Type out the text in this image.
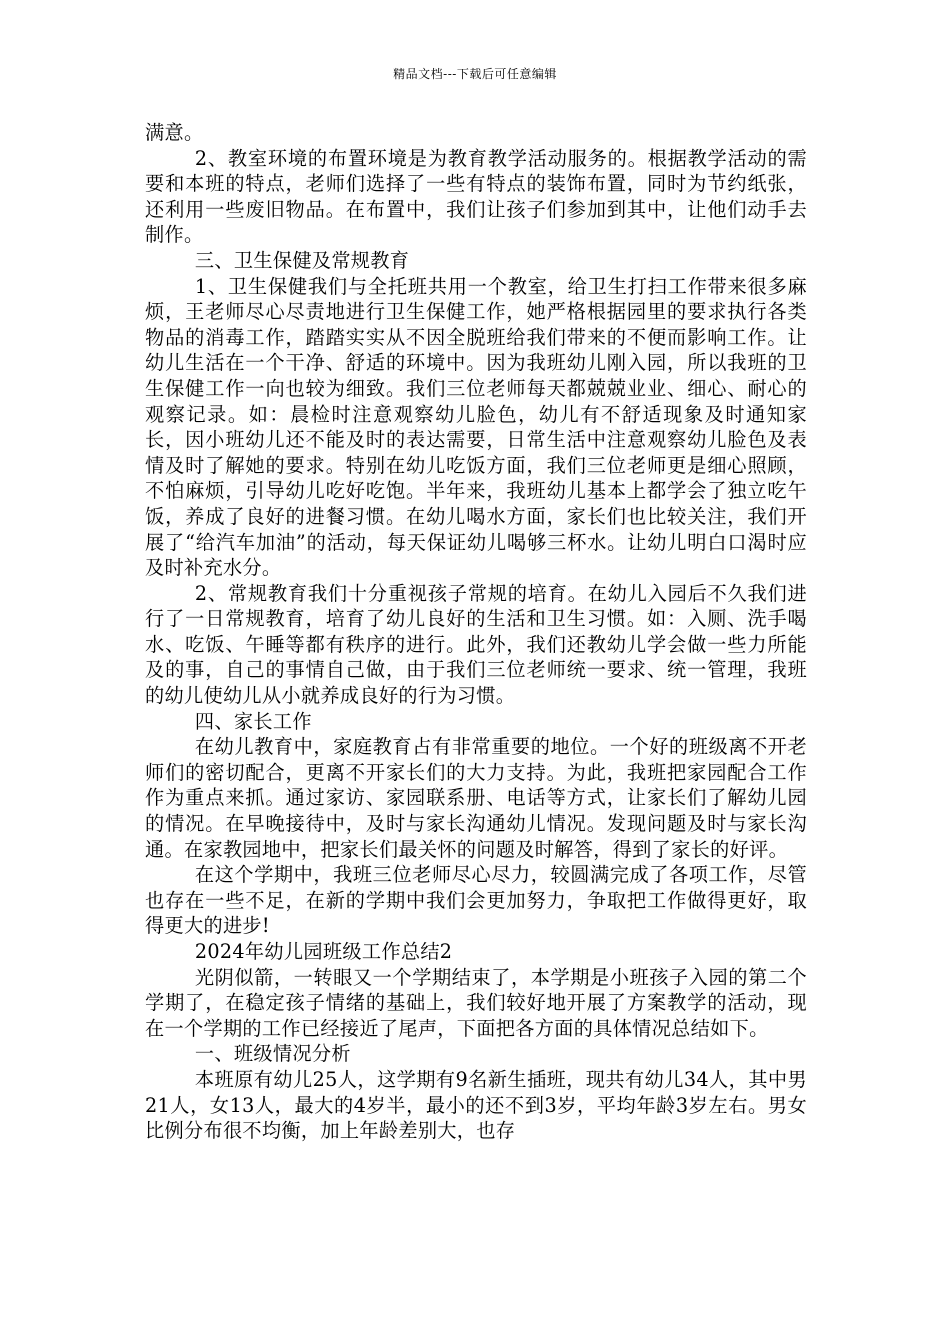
精品文档---下载后可任意编辑

满意。

2、教室环境的布置环境是为教育教学活动服务的。根据教学活动的需要和本班的特点，老师们选择了一些有特点的装饰布置，同时为节约纸张，还利用一些废旧物品。在布置中，我们让孩子们参加到其中，让他们动手去制作。

三、卫生保健及常规教育

1、卫生保健我们与全托班共用一个教室，给卫生打扫工作带来很多麻烦，王老师尽心尽责地进行卫生保健工作，她严格根据园里的要求执行各类物品的消毒工作，踏踏实实从不因全脱班给我们带来的不便而影响工作。让幼儿生活在一个干净、舒适的环境中。因为我班幼儿刚入园，所以我班的卫生保健工作一向也较为细致。我们三位老师每天都兢兢业业、细心、耐心的观察记录。如：晨检时注意观察幼儿脸色，幼儿有不舒适现象及时通知家长，因小班幼儿还不能及时的表达需要，日常生活中注意观察幼儿脸色及表情及时了解她的要求。特别在幼儿吃饭方面，我们三位老师更是细心照顾，不怕麻烦，引导幼儿吃好吃饱。半年来，我班幼儿基本上都学会了独立吃午饭，养成了良好的进餐习惯。在幼儿喝水方面，家长们也比较关注，我们开展了“给汽车加油”的活动，每天保证幼儿喝够三杯水。让幼儿明白口渴时应及时补充水分。

2、常规教育我们十分重视孩子常规的培育。在幼儿入园后不久我们进行了一日常规教育，培育了幼儿良好的生活和卫生习惯。如：入厕、洗手喝水、吃饭、午睡等都有秩序的进行。此外，我们还教幼儿学会做一些力所能及的事，自己的事情自己做，由于我们三位老师统一要求、统一管理，我班的幼儿使幼儿从小就养成良好的行为习惯。

四、家长工作

在幼儿教育中，家庭教育占有非常重要的地位。一个好的班级离不开老师们的密切配合，更离不开家长们的大力支持。为此，我班把家园配合工作作为重点来抓。通过家访、家园联系册、电话等方式，让家长们了解幼儿园的情况。在早晚接待中，及时与家长沟通幼儿情况。发现问题及时与家长沟通。在家教园地中，把家长们最关怀的问题及时解答，得到了家长的好评。

在这个学期中，我班三位老师尽心尽力，较圆满完成了各项工作，尽管也存在一些不足，在新的学期中我们会更加努力，争取把工作做得更好，取得更大的进步!

2024年幼儿园班级工作总结2

光阴似箭，一转眼又一个学期结束了，本学期是小班孩子入园的第二个学期了，在稳定孩子情绪的基础上，我们较好地开展了方案教学的活动，现在一个学期的工作已经接近了尾声，下面把各方面的具体情况总结如下。

一、班级情况分析

本班原有幼儿25人，这学期有9名新生插班，现共有幼儿34人，其中男21人，女13人，最大的4岁半，最小的还不到3岁，平均年龄3岁左右。男女比例分布很不均衡，加上年龄差别大，也存
